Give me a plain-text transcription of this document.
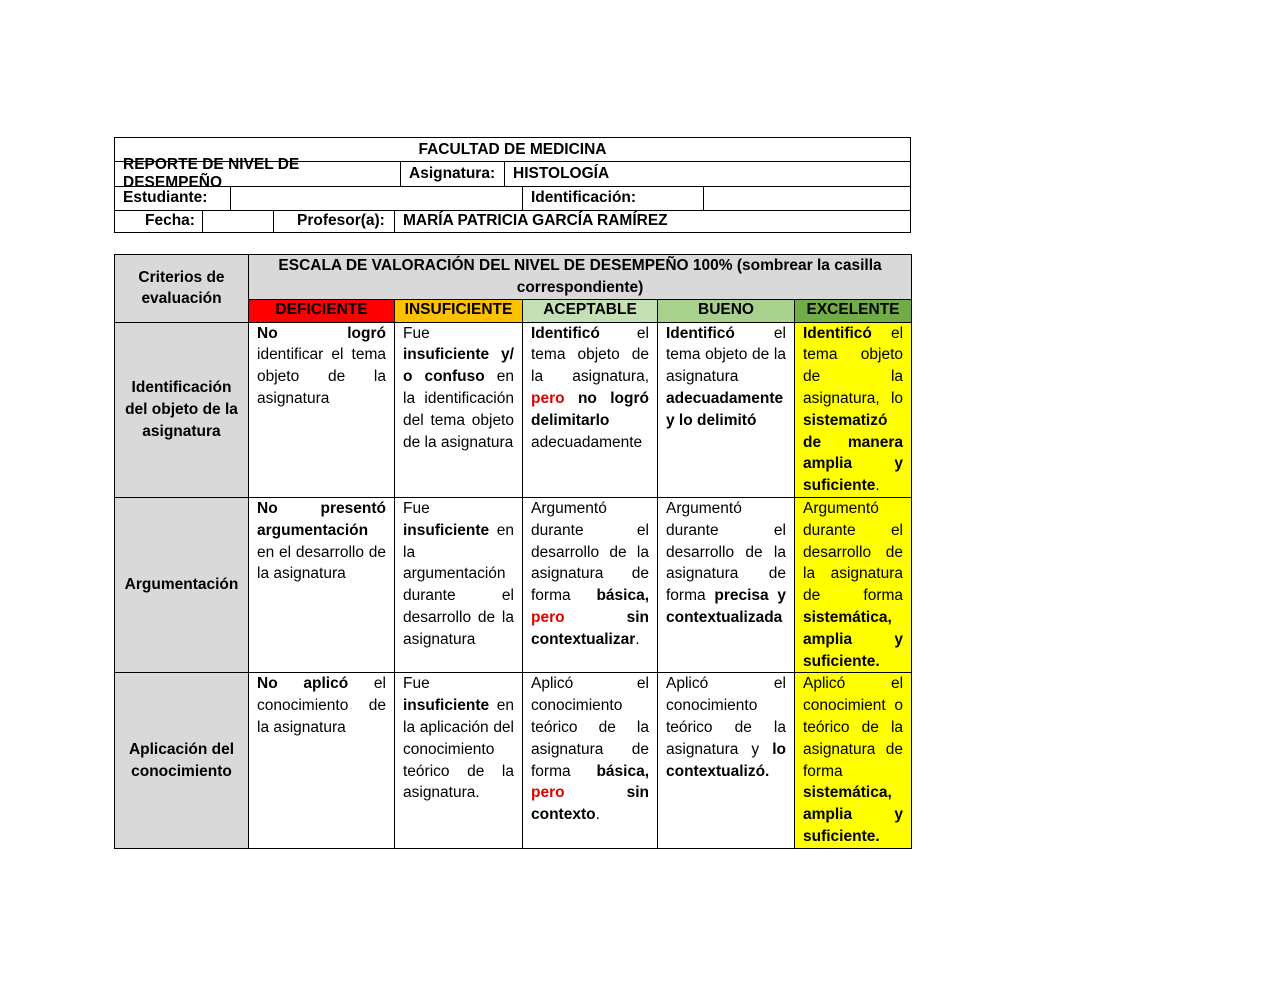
FACULTAD DE MEDICINA
REPORTE DE NIVEL DE DESEMPEÑO
Asignatura:	HISTOLOGÍA
Estudiante:	Identificación:
Fecha:	Profesor(a):	MARÍA PATRICIA GARCÍA RAMÍREZ
Criterios de evaluación	ESCALA DE VALORACIÓN DEL NIVEL DE DESEMPEÑO 100% (sombrear la casilla correspondiente)				
	DEFICIENTE	INSUFICIENTE	ACEPTABLE	BUENO	EXCELENTE
Identificación del objeto de la asignatura	No logró identificar el tema objeto de la asignatura	Fue insuficiente y/ o confuso en la identificación del tema objeto de la asignatura	Identificó el tema objeto de la asignatura, pero no logró delimitarlo adecuadamente	Identificó el tema objeto de la asignatura adecuadamente y lo delimitó	Identificó el tema objeto de la asignatura, lo sistematizó de manera amplia y suficiente.
Argumentación	No presentó argumentación en el desarrollo de la asignatura	Fue insuficiente en la argumentación durante el desarrollo de la asignatura	Argumentó durante el desarrollo de la asignatura de forma básica, pero sin contextualizar.	Argumentó durante el desarrollo de la asignatura de forma precisa y contextualizada	Argumentó durante el desarrollo de la asignatura de forma sistemática, amplia y suficiente.
Aplicación del conocimiento	No aplicó el conocimiento de la asignatura	Fue insuficiente en la aplicación del conocimiento teórico de la asignatura.	Aplicó el conocimiento teórico de la asignatura de forma básica, pero sin contexto.	Aplicó el conocimiento teórico de la asignatura y lo contextualizó.	Aplicó el conocimient o teórico de la asignatura de forma sistemática, amplia y suficiente.
